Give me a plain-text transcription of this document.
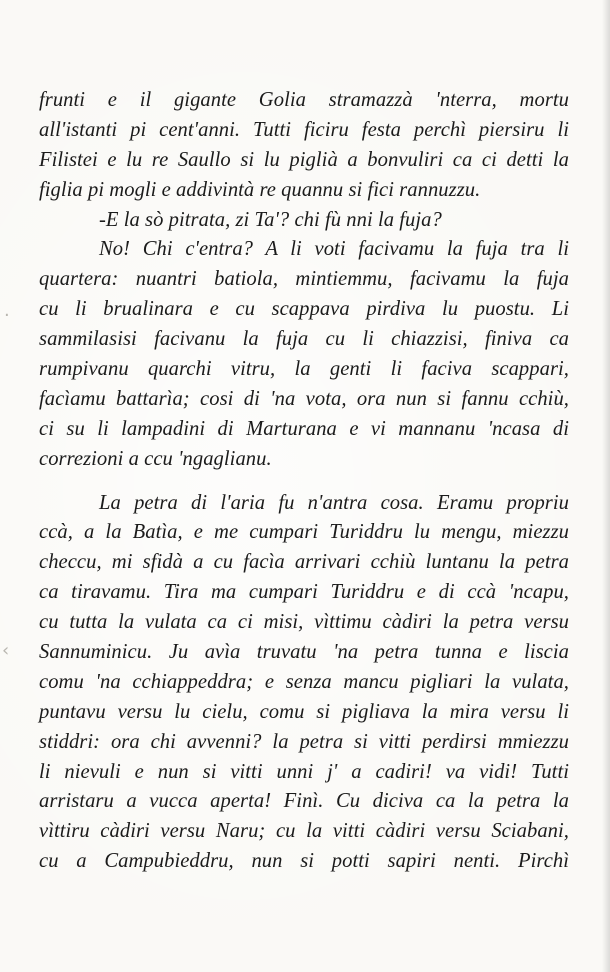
·
‹
frunti e il gigante Golia stramazzà 'nterra, mortu
all'istanti pi cent'anni. Tutti ficiru festa perchì piersiru li
Filistei e lu re Saullo si lu piglià a bonvuliri ca ci detti la
figlia pi mogli e addivintà re quannu si fici rannuzzu.
-E la sò pitrata, zi Ta'? chi fù nni la fuja?
No! Chi c'entra? A li voti facivamu la fuja tra li
quartera: nuantri batiola, mintiemmu, facivamu la fuja
cu li brualinara e cu scappava pirdiva lu puostu. Li
sammilasisi facivanu la fuja cu li chiazzisi, finiva ca
rumpivanu quarchi vitru, la genti li faciva scappari,
facìamu battarìa; cosi di 'na vota, ora nun si fannu cchiù,
ci su li lampadini di Marturana e vi mannanu 'ncasa di
correzioni a ccu 'ngaglianu.
La petra di l'aria fu n'antra cosa. Eramu propriu
ccà, a la Batìa, e me cumpari Turiddru lu mengu, miezzu
checcu, mi sfidà a cu facìa arrivari cchiù luntanu la petra
ca tiravamu. Tira ma cumpari Turiddru e di ccà 'ncapu,
cu tutta la vulata ca ci misi, vìttimu càdiri la petra versu
Sannuminicu. Ju avìa truvatu 'na petra tunna e liscia
comu 'na cchiappeddra; e senza mancu pigliari la vulata,
puntavu versu lu cielu, comu si pigliava la mira versu li
stiddri: ora chi avvenni? la petra si vitti perdirsi mmiezzu
li nievuli e nun si vitti unni j' a cadiri! va vidi! Tutti
arristaru a vucca aperta! Finì. Cu diciva ca la petra la
vìttiru càdiri versu Naru; cu la vitti càdiri versu Sciabani,
cu a Campubieddru, nun si potti sapiri nenti. Pirchì
